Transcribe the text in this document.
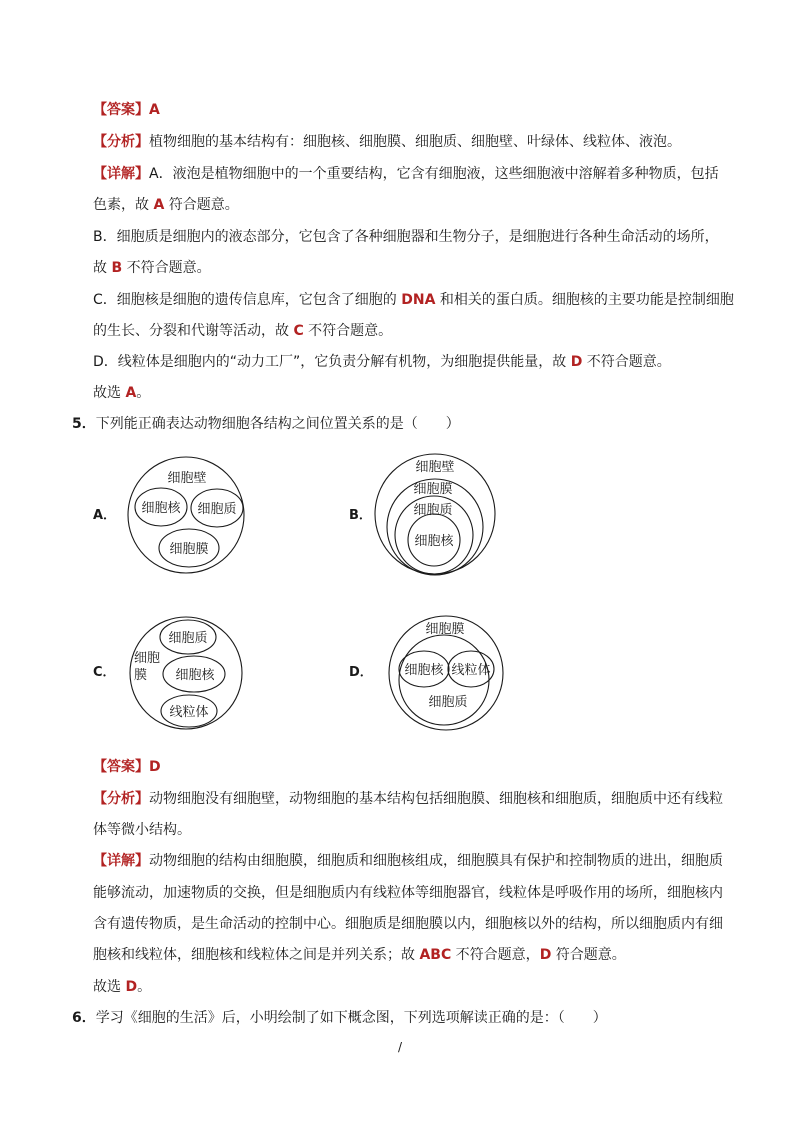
【答案】A
【分析】植物细胞的基本结构有：细胞核、细胞膜、细胞质、细胞壁、叶绿体、线粒体、液泡。
【详解】A．液泡是植物细胞中的一个重要结构，它含有细胞液，这些细胞液中溶解着多种物质，包括
色素，故 A 符合题意。
B．细胞质是细胞内的液态部分，它包含了各种细胞器和生物分子，是细胞进行各种生命活动的场所，
故 B 不符合题意。
C．细胞核是细胞的遗传信息库，它包含了细胞的 DNA 和相关的蛋白质。细胞核的主要功能是控制细胞
的生长、分裂和代谢等活动，故 C 不符合题意。
D．线粒体是细胞内的“动力工厂”，它负责分解有机物，为细胞提供能量，故 D 不符合题意。
故选 A。
5．下列能正确表达动物细胞各结构之间位置关系的是（　　）
A．
细胞壁
细胞核 细胞质
细胞膜
B．
细胞壁
细胞膜
细胞质
细胞核
C．
细胞质
细胞
膜 细胞核
线粒体
D．
细胞膜
细胞核 线粒体
细胞质
【答案】D
【分析】动物细胞没有细胞壁，动物细胞的基本结构包括细胞膜、细胞核和细胞质，细胞质中还有线粒
体等微小结构。
【详解】动物细胞的结构由细胞膜，细胞质和细胞核组成，细胞膜具有保护和控制物质的进出，细胞质
能够流动，加速物质的交换，但是细胞质内有线粒体等细胞器官，线粒体是呼吸作用的场所，细胞核内
含有遗传物质，是生命活动的控制中心。细胞质是细胞膜以内，细胞核以外的结构，所以细胞质内有细
胞核和线粒体，细胞核和线粒体之间是并列关系；故 ABC 不符合题意，D 符合题意。
故选 D。
6．学习《细胞的生活》后，小明绘制了如下概念图，下列选项解读正确的是：（　　）
/
